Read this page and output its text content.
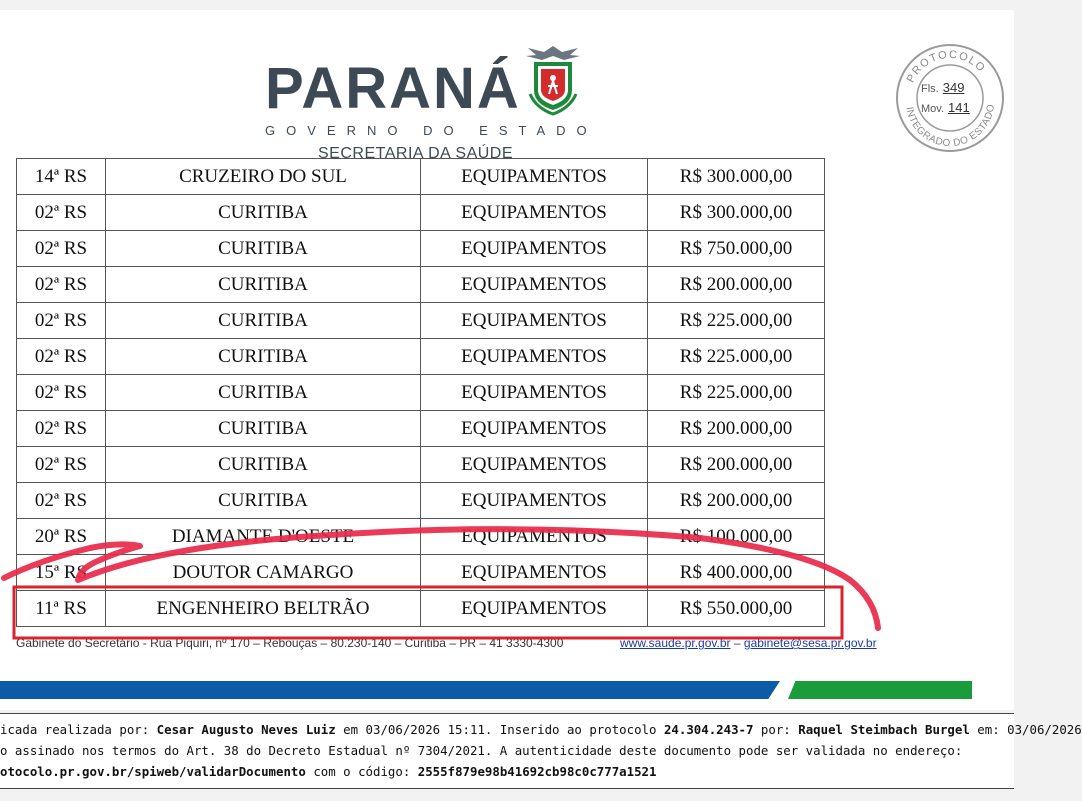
PARANÁ
GOVERNO DO ESTADO
SECRETARIA DA SAÚDE
PROTOCOLO
INTEGRADO DO ESTADO
Fls. 349
Mov. 141
14ª RS	CRUZEIRO DO SUL	EQUIPAMENTOS	R$ 300.000,00
02ª RS	CURITIBA	EQUIPAMENTOS	R$ 300.000,00
02ª RS	CURITIBA	EQUIPAMENTOS	R$ 750.000,00
02ª RS	CURITIBA	EQUIPAMENTOS	R$ 200.000,00
02ª RS	CURITIBA	EQUIPAMENTOS	R$ 225.000,00
02ª RS	CURITIBA	EQUIPAMENTOS	R$ 225.000,00
02ª RS	CURITIBA	EQUIPAMENTOS	R$ 225.000,00
02ª RS	CURITIBA	EQUIPAMENTOS	R$ 200.000,00
02ª RS	CURITIBA	EQUIPAMENTOS	R$ 200.000,00
02ª RS	CURITIBA	EQUIPAMENTOS	R$ 200.000,00
20ª RS	DIAMANTE D'OESTE	EQUIPAMENTOS	R$ 100.000,00
15ª RS	DOUTOR CAMARGO	EQUIPAMENTOS	R$ 400.000,00
11ª RS	ENGENHEIRO BELTRÃO	EQUIPAMENTOS	R$ 550.000,00
Gabinete do Secretário - Rua Piquiri, nº 170 – Rebouças – 80.230-140 – Curitiba – PR – 41 3330-4300	www.saude.pr.gov.br – gabinete@sesa.pr.gov.br
icada realizada por: Cesar Augusto Neves Luiz em 03/06/2026 15:11. Inserido ao protocolo 24.304.243-7 por: Raquel Steimbach Burgel em: 03/06/2026
o assinado nos termos do Art. 38 do Decreto Estadual nº 7304/2021. A autenticidade deste documento pode ser validada no endereço:
otocolo.pr.gov.br/spiweb/validarDocumento com o código: 2555f879e98b41692cb98c0c777a1521
